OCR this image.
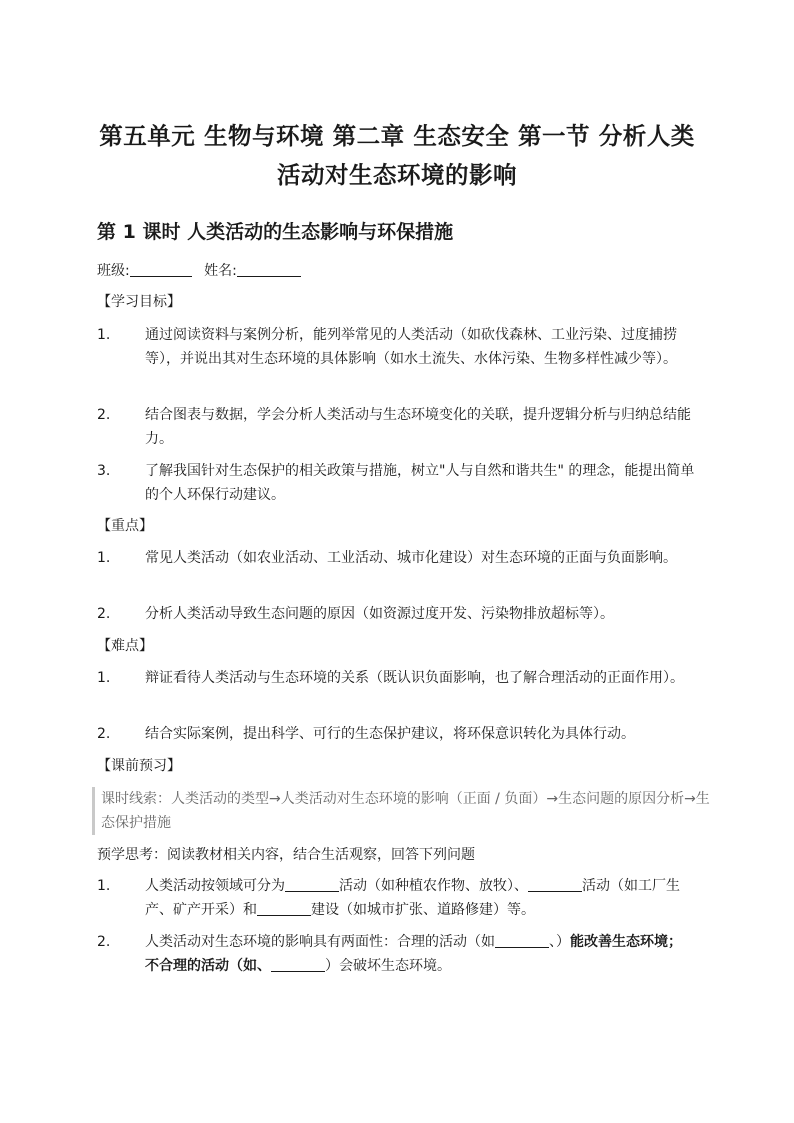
第五单元 生物与环境 第二章 生态安全 第一节 分析人类
活动对生态环境的影响
第 1 课时 人类活动的生态影响与环保措施
班级:	姓名:
【学习目标】
1. 通过阅读资料与案例分析，能列举常见的人类活动（如砍伐森林、工业污染、过度捕捞等），并说出其对生态环境的具体影响（如水土流失、水体污染、生物多样性减少等）。
2. 结合图表与数据，学会分析人类活动与生态环境变化的关联，提升逻辑分析与归纳总结能力。
3. 了解我国针对生态保护的相关政策与措施，树立"人与自然和谐共生" 的理念，能提出简单的个人环保行动建议。
【重点】
1. 常见人类活动（如农业活动、工业活动、城市化建设）对生态环境的正面与负面影响。
2. 分析人类活动导致生态问题的原因（如资源过度开发、污染物排放超标等）。
【难点】
1. 辩证看待人类活动与生态环境的关系（既认识负面影响，也了解合理活动的正面作用）。
2. 结合实际案例，提出科学、可行的生态保护建议，将环保意识转化为具体行动。
【课前预习】
课时线索：人类活动的类型→人类活动对生态环境的影响（正面 / 负面）→生态问题的原因分析→生态保护措施
预学思考：阅读教材相关内容，结合生活观察，回答下列问题
1. 人类活动按领域可分为	活动（如种植农作物、放牧）、	活动（如工厂生产、矿产开采）和	建设（如城市扩张、道路修建）等。
2. 人类活动对生态环境的影响具有两面性：合理的活动（如	、）能改善生态环境；不合理的活动（如、	）会破坏生态环境。
